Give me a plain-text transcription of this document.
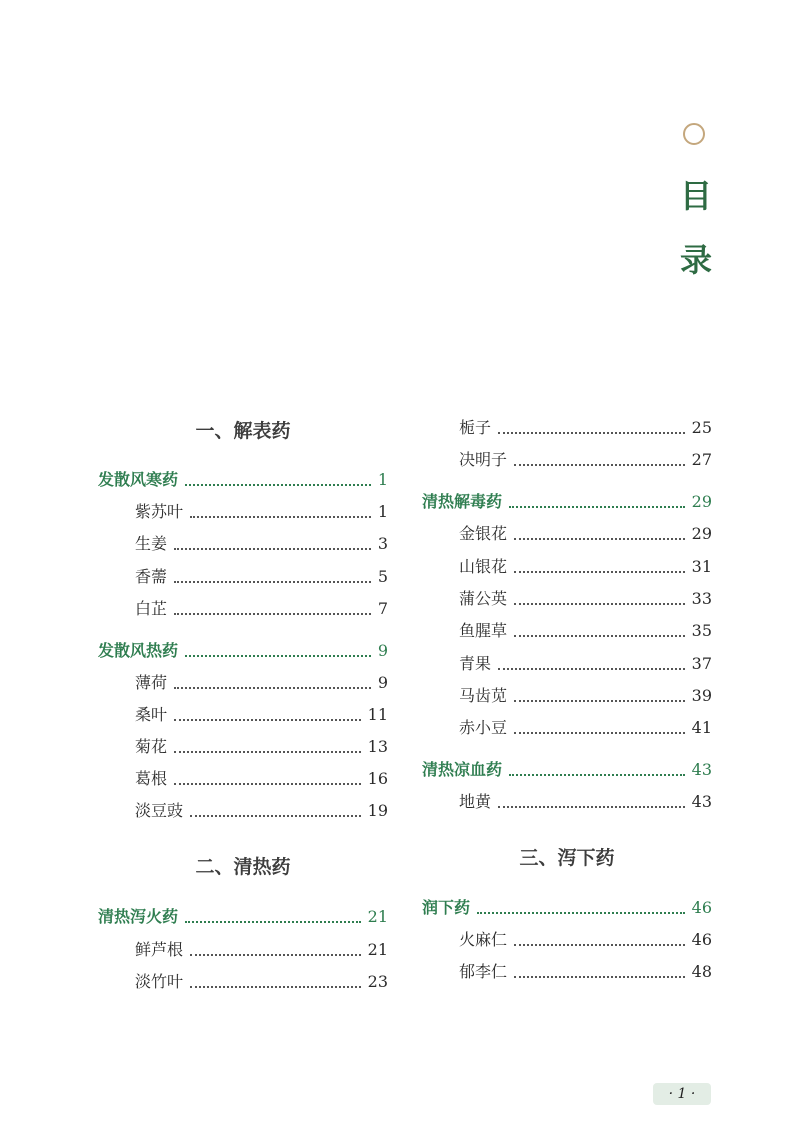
目
录
一、解表药
发散风寒药	1
紫苏叶	1
生姜	3
香薷	5
白芷	7
发散风热药	9
薄荷	9
桑叶	11
菊花	13
葛根	16
淡豆豉	19
二、清热药
清热泻火药	21
鲜芦根	21
淡竹叶	23
栀子	25
决明子	27
清热解毒药	29
金银花	29
山银花	31
蒲公英	33
鱼腥草	35
青果	37
马齿苋	39
赤小豆	41
清热凉血药	43
地黄	43
三、泻下药
润下药	46
火麻仁	46
郁李仁	48
· 1 ·
